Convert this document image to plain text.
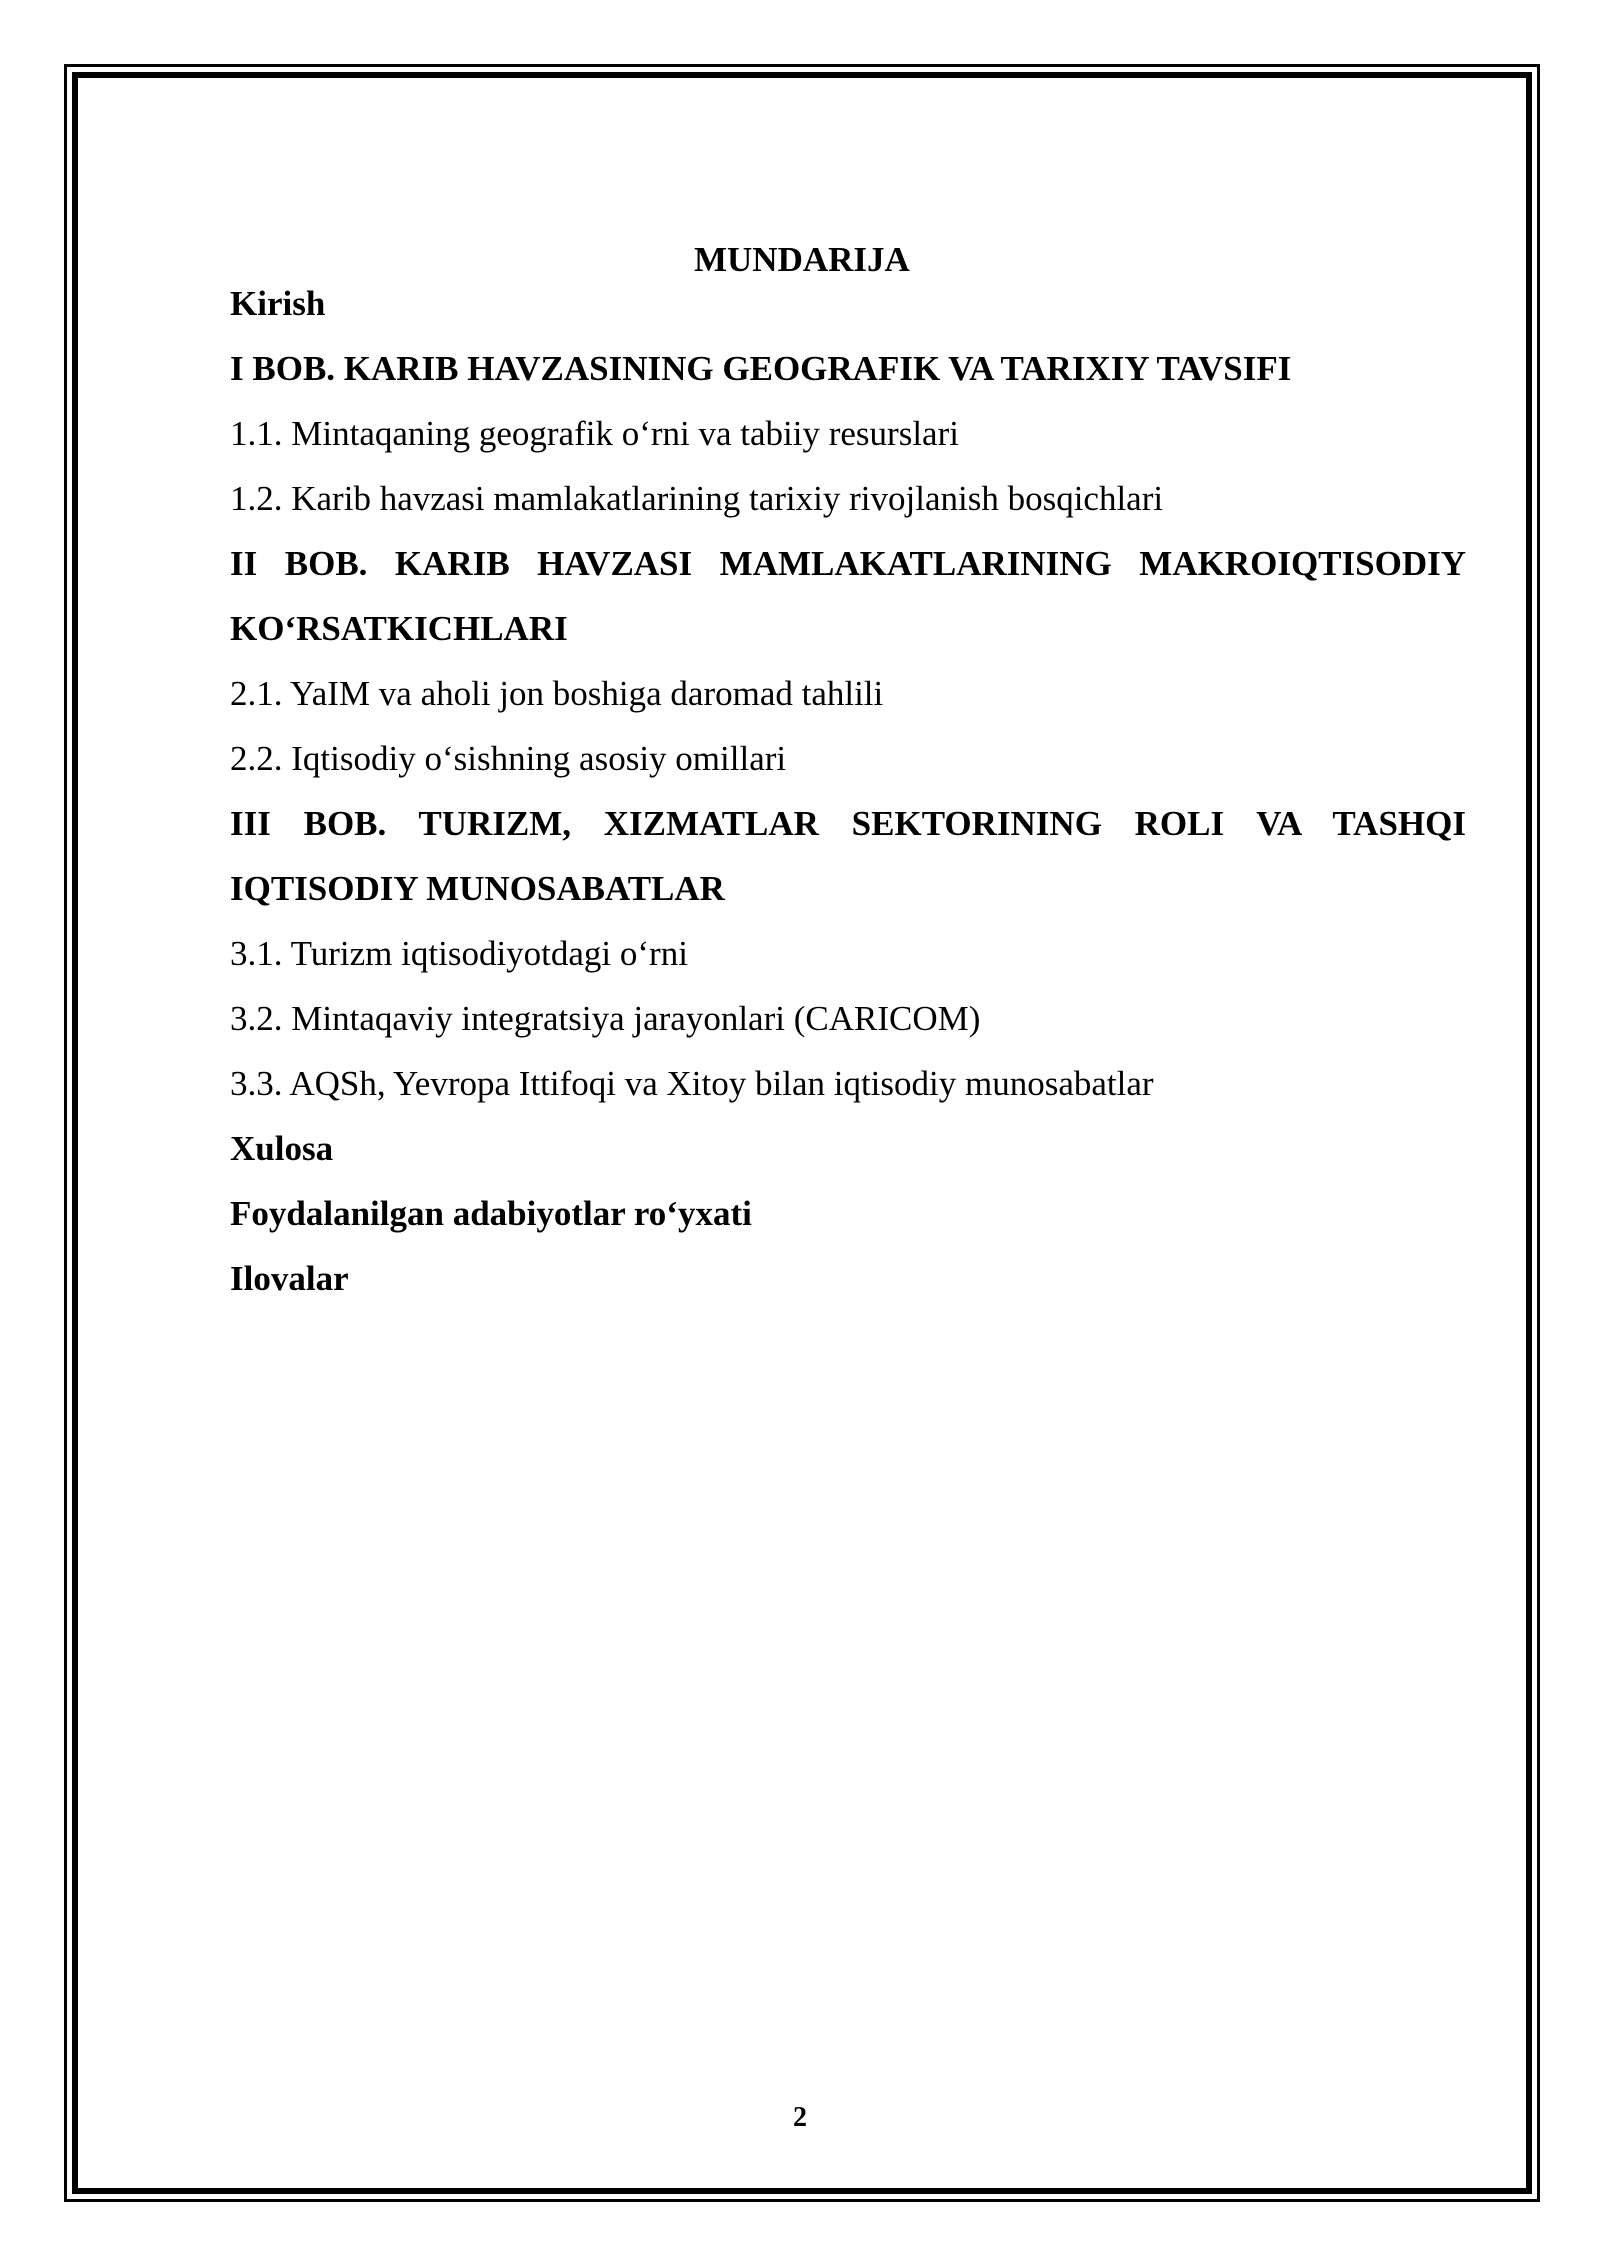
MUNDARIJA

Kirish

I BOB. KARIB HAVZASINING GEOGRAFIK VA TARIXIY TAVSIFI

1.1. Mintaqaning geografik o‘rni va tabiiy resurslari

1.2. Karib havzasi mamlakatlarining tarixiy rivojlanish bosqichlari

II BOB. KARIB HAVZASI MAMLAKATLARINING MAKROIQTISODIY

KO‘RSATKICHLARI

2.1. YaIM va aholi jon boshiga daromad tahlili

2.2. Iqtisodiy o‘sishning asosiy omillari

III BOB. TURIZM, XIZMATLAR SEKTORINING ROLI VA TASHQI

IQTISODIY MUNOSABATLAR

3.1. Turizm iqtisodiyotdagi o‘rni

3.2. Mintaqaviy integratsiya jarayonlari (CARICOM)

3.3. AQSh, Yevropa Ittifoqi va Xitoy bilan iqtisodiy munosabatlar

Xulosa

Foydalanilgan adabiyotlar ro‘yxati

Ilovalar

2
